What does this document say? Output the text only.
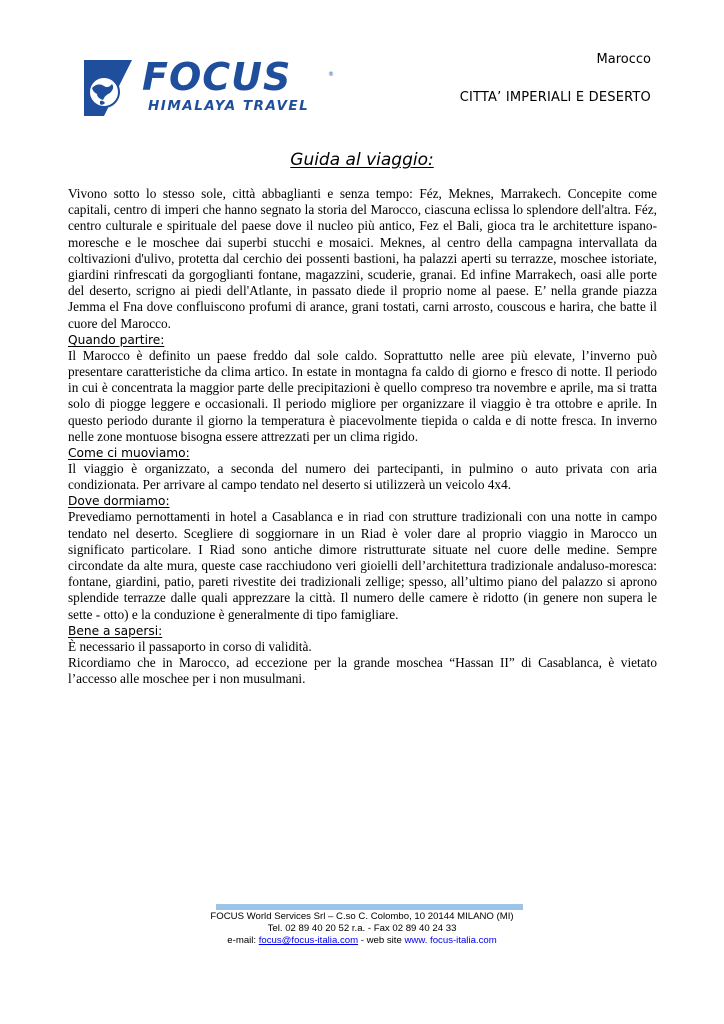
FOCUS
HIMALAYA TRAVEL
®
Marocco
CITTA’ IMPERIALI E DESERTO
Guida al viaggio:

Vivono sotto lo stesso sole, città abbaglianti e senza tempo: Féz, Meknes, Marrakech. Concepite come capitali, centro di imperi che hanno segnato la storia del Marocco, ciascuna eclissa lo splendore dell'altra. Féz, centro culturale e spirituale del paese dove il nucleo più antico, Fez el Bali, gioca tra le architetture ispano-moresche e le moschee dai superbi stucchi e mosaici. Meknes, al centro della campagna intervallata da coltivazioni d'ulivo, protetta dal cerchio dei possenti bastioni, ha palazzi aperti su terrazze, moschee istoriate, giardini rinfrescati da gorgoglianti fontane, magazzini, scuderie, granai. Ed infine Marrakech, oasi alle porte del deserto, scrigno ai piedi dell'Atlante, in passato diede il proprio nome al paese. E’ nella grande piazza Jemma el Fna dove confluiscono profumi di arance, grani tostati, carni arrosto, couscous e harira, che batte il cuore del Marocco.

Quando partire:

Il Marocco è definito un paese freddo dal sole caldo. Soprattutto nelle aree più elevate, l’inverno può presentare caratteristiche da clima artico. In estate in montagna fa caldo di giorno e fresco di notte. Il periodo in cui è concentrata la maggior parte delle precipitazioni è quello compreso tra novembre e aprile, ma si tratta solo di piogge leggere e occasionali. Il periodo migliore per organizzare il viaggio è tra ottobre e aprile. In questo periodo durante il giorno la temperatura è piacevolmente tiepida o calda e di notte fresca. In inverno nelle zone montuose bisogna essere attrezzati per un clima rigido.

Come ci muoviamo:

Il viaggio è organizzato, a seconda del numero dei partecipanti, in pulmino o auto privata con aria condizionata. Per arrivare al campo tendato nel deserto si utilizzerà un veicolo 4x4.

Dove dormiamo:

Prevediamo pernottamenti in hotel a Casablanca e in riad con strutture tradizionali con una notte in campo tendato nel deserto. Scegliere di soggiornare in un Riad è voler dare al proprio viaggio in Marocco un significato particolare. I Riad sono antiche dimore ristrutturate situate nel cuore delle medine. Sempre circondate da alte mura, queste case racchiudono veri gioielli dell’architettura tradizionale andaluso-moresca: fontane, giardini, patio, pareti rivestite dei tradizionali zellige; spesso, all’ultimo piano del palazzo si aprono splendide terrazze dalle quali apprezzare la città. Il numero delle camere è ridotto (in genere non supera le sette - otto) e la conduzione è generalmente di tipo famigliare.

Bene a sapersi:

È necessario il passaporto in corso di validità.

Ricordiamo che in Marocco, ad eccezione per la grande moschea “Hassan II” di Casablanca, è vietato l’accesso alle moschee per i non musulmani.

FOCUS World Services Srl – C.so C. Colombo, 10 20144 MILANO (MI)
Tel. 02 89 40 20 52 r.a. - Fax 02 89 40 24 33
e-mail: focus@focus-italia.com - web site www. focus-italia.com
